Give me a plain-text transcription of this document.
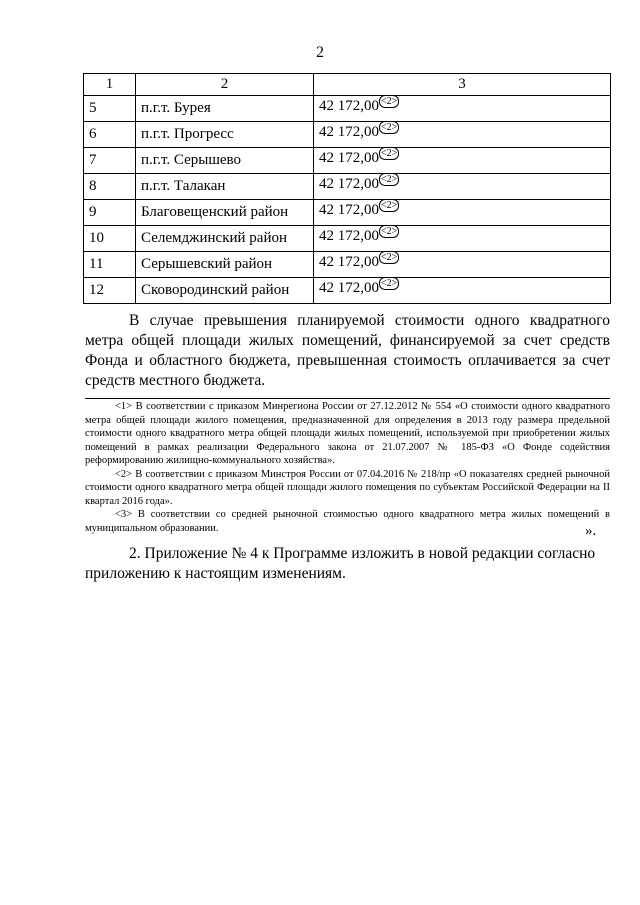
2
1	2	3
5	п.г.т. Бурея	42 172,00 $^{<2>}$
6	п.г.т. Прогресс	42 172,00 $^{<2>}$
7	п.г.т. Серышево	42 172,00 $^{<2>}$
8	п.г.т. Талакан	42 172,00 $^{<2>}$
9	Благовещенский район	42 172,00 $^{<2>}$
10	Селемджинский район	42 172,00 $^{<2>}$
11	Серышевский район	42 172,00 $^{<2>}$
12	Сковородинский район	42 172,00 $^{<2>}$
В случае превышения планируемой стоимости одного квадратного метра общей площади жилых помещений, финансируемой за счет средств Фонда и областного бюджета, превышенная стоимость оплачивается за счет средств местного бюджета.

<1> В соответствии с приказом Минрегиона России от 27.12.2012 № 554 «О стоимости одного квадратного метра общей площади жилого помещения, предназначенной для определения в 2013 году размера предельной стоимости одного квадратного метра общей площади жилых помещений, используемой при приобретении жилых помещений в рамках реализации Федерального закона от 21.07.2007 № 185-ФЗ «О Фонде содействия реформированию жилищно-коммунального хозяйства».

<2> В соответствии с приказом Минстроя России от 07.04.2016 № 218/пр «О показателях средней рыночной стоимости одного квадратного метра общей площади жилого помещения по субъектам Российской Федерации на II квартал 2016 года».

<3> В соответствии со средней рыночной стоимостью одного квадратного метра жилых помещений в муниципальном образовании.	».
2. Приложение № 4 к Программе изложить в новой редакции согласно приложению к настоящим изменениям.
